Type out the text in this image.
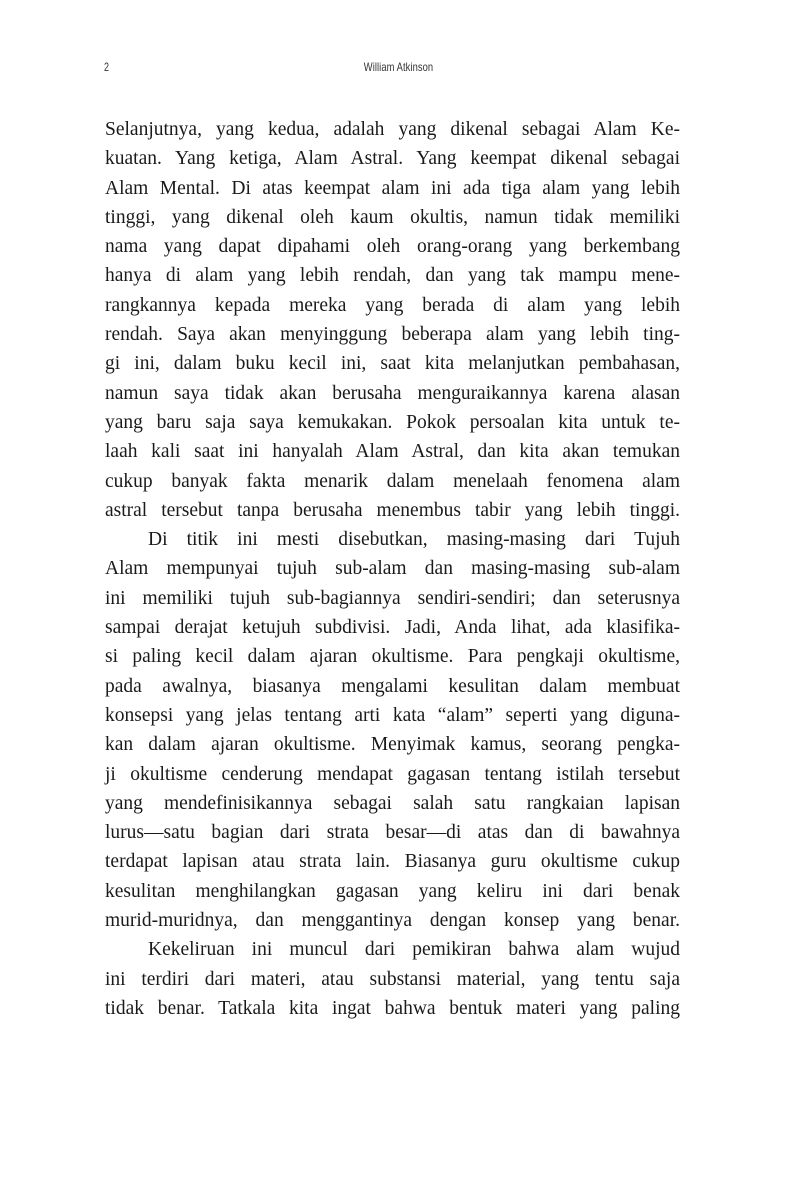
2	William Atkinson
Selanjutnya, yang kedua, adalah yang dikenal sebagai Alam Ke-
kuatan. Yang ketiga, Alam Astral. Yang keempat dikenal sebagai
Alam Mental. Di atas keempat alam ini ada tiga alam yang lebih
tinggi, yang dikenal oleh kaum okultis, namun tidak memiliki
nama yang dapat dipahami oleh orang-orang yang berkembang
hanya di alam yang lebih rendah, dan yang tak mampu mene-
rangkannya kepada mereka yang berada di alam yang lebih
rendah. Saya akan menyinggung beberapa alam yang lebih ting-
gi ini, dalam buku kecil ini, saat kita melanjutkan pembahasan,
namun saya tidak akan berusaha menguraikannya karena alasan
yang baru saja saya kemukakan. Pokok persoalan kita untuk te-
laah kali saat ini hanyalah Alam Astral, dan kita akan temukan
cukup banyak fakta menarik dalam menelaah fenomena alam
astral tersebut tanpa berusaha menembus tabir yang lebih tinggi.
Di titik ini mesti disebutkan, masing-masing dari Tujuh
Alam mempunyai tujuh sub-alam dan masing-masing sub-alam
ini memiliki tujuh sub-bagiannya sendiri-sendiri; dan seterusnya
sampai derajat ketujuh subdivisi. Jadi, Anda lihat, ada klasifika-
si paling kecil dalam ajaran okultisme. Para pengkaji okultisme,
pada awalnya, biasanya mengalami kesulitan dalam membuat
konsepsi yang jelas tentang arti kata “alam” seperti yang diguna-
kan dalam ajaran okultisme. Menyimak kamus, seorang pengka-
ji okultisme cenderung mendapat gagasan tentang istilah tersebut
yang mendefinisikannya sebagai salah satu rangkaian lapisan
lurus—satu bagian dari strata besar—di atas dan di bawahnya
terdapat lapisan atau strata lain. Biasanya guru okultisme cukup
kesulitan menghilangkan gagasan yang keliru ini dari benak
murid-muridnya, dan menggantinya dengan konsep yang benar.
Kekeliruan ini muncul dari pemikiran bahwa alam wujud
ini terdiri dari materi, atau substansi material, yang tentu saja
tidak benar. Tatkala kita ingat bahwa bentuk materi yang paling
